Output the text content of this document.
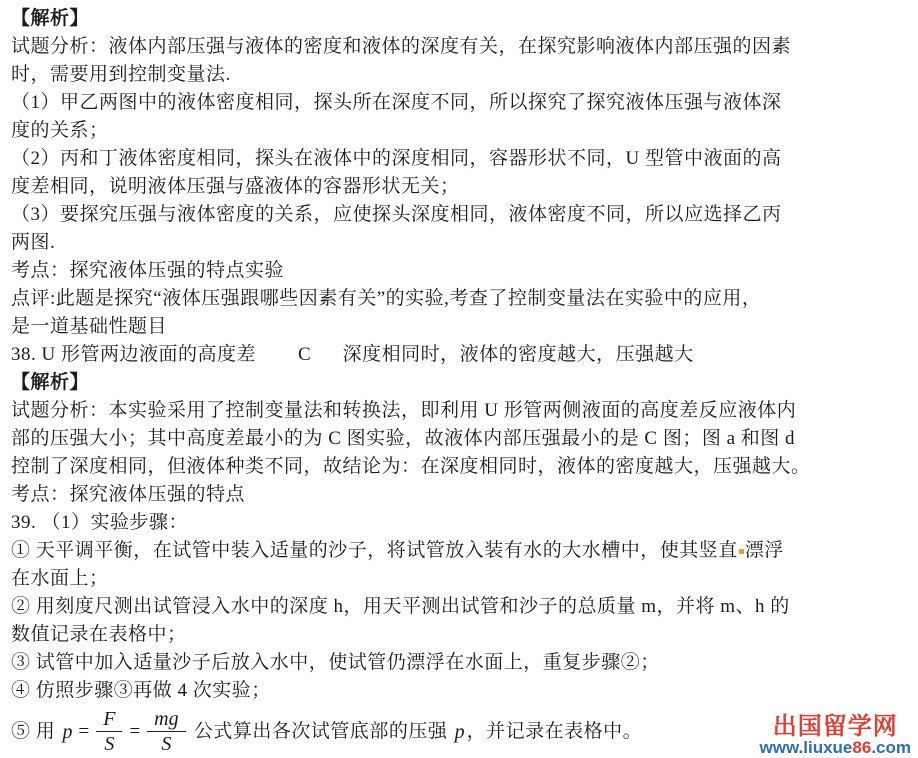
【解析】
试题分析：液体内部压强与液体的密度和液体的深度有关，在探究影响液体内部压强的因素
时，需要用到控制变量法.
（1）甲乙两图中的液体密度相同，探头所在深度不同，所以探究了探究液体压强与液体深
度的关系；
（2）丙和丁液体密度相同，探头在液体中的深度相同，容器形状不同，U 型管中液面的高
度差相同，说明液体压强与盛液体的容器形状无关；
（3）要探究压强与液体密度的关系，应使探头深度相同，液体密度不同，所以应选择乙丙
两图.
考点：探究液体压强的特点实验
点评:此题是探究“液体压强跟哪些因素有关”的实验,考查了控制变量法在实验中的应用，
是一道基础性题目
38. U 形管两边液面的高度差        C      深度相同时，液体的密度越大，压强越大
【解析】
试题分析：本实验采用了控制变量法和转换法，即利用 U 形管两侧液面的高度差反应液体内
部的压强大小；其中高度差最小的为 C 图实验，故液体内部压强最小的是 C 图；图 a 和图 d
控制了深度相同，但液体种类不同，故结论为：在深度相同时，液体的密度越大，压强越大。
考点：探究液体压强的特点
39. （1）实验步骤：
① 天平调平衡，在试管中装入适量的沙子，将试管放入装有水的大水槽中，使其竖直 漂浮
在水面上；
② 用刻度尺测出试管浸入水中的深度 h，用天平测出试管和沙子的总质量 m，并将 m、h 的
数值记录在表格中；
③ 试管中加入适量沙子后放入水中，使试管仍漂浮在水面上，重复步骤②；
④ 仿照步骤③再做 4 次实验；
⑤ 用 $p = \frac{F}{S} = \frac{mg}{S}$ 公式算出各次试管底部的压强 p ，并记录在表格中。	出国留学网
www.liuxue86.com
